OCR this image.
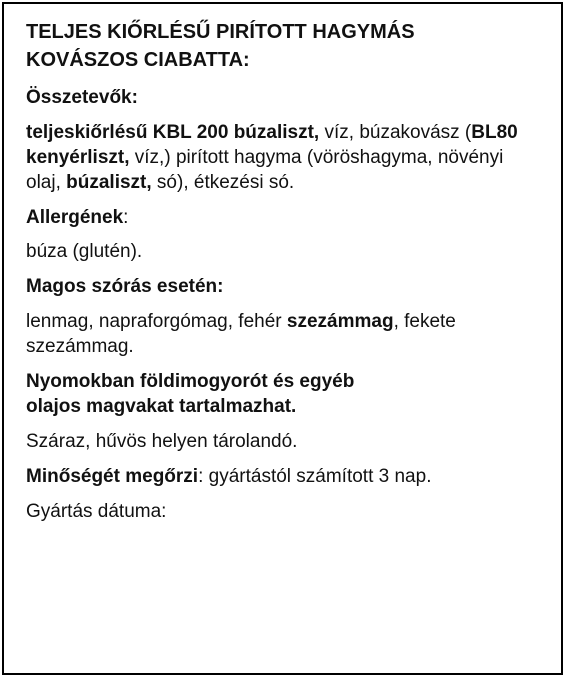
TELJES KIŐRLÉSŰ PIRÍTOTT HAGYMÁS
KOVÁSZOS CIABATTA:
Összetevők:
teljeskiőrlésű KBL 200 búzaliszt, víz, búzakovász (BL80 kenyérliszt, víz,) pirított hagyma (vöröshagyma, növényi olaj, búzaliszt, só), étkezési só.
Allergének:
búza (glutén).
Magos szórás esetén:
lenmag, napraforgómag, fehér szezámmag, fekete szezámmag.
Nyomokban földimogyorót és egyéb
olajos magvakat tartalmazhat.
Száraz, hűvös helyen tárolandó.
Minőségét megőrzi: gyártástól számított 3 nap.
Gyártás dátuma:
